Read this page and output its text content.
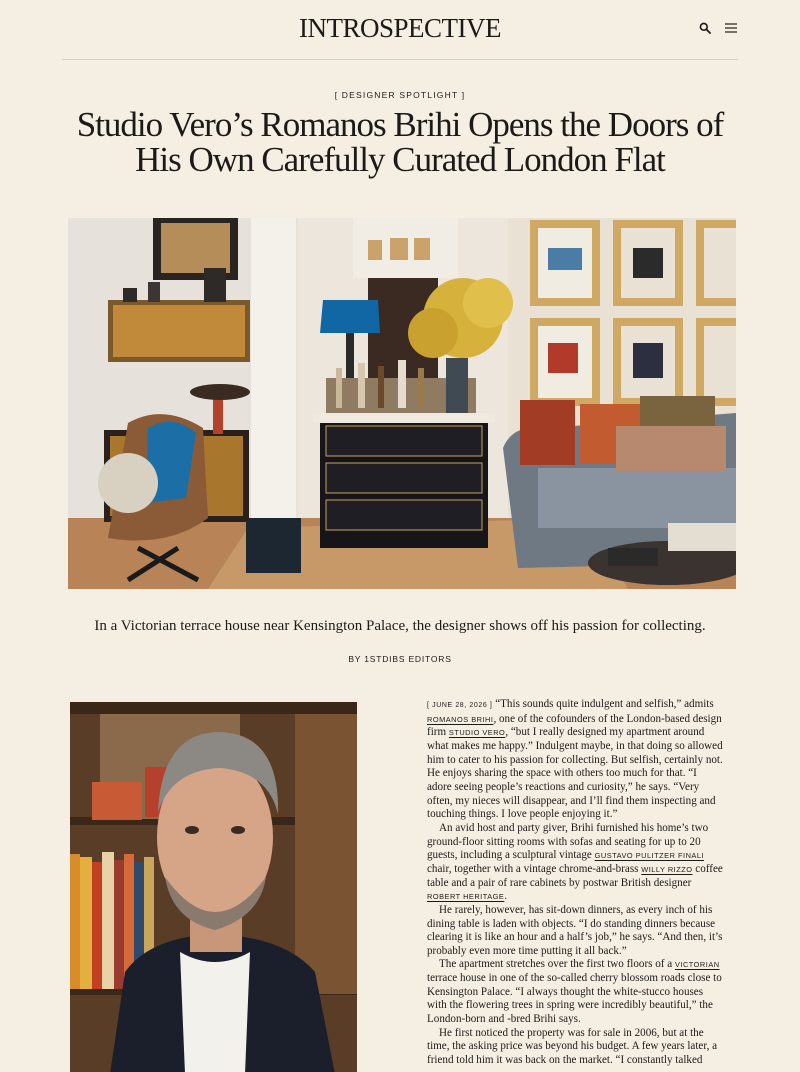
INTROSPECTIVE
[ DESIGNER SPOTLIGHT ]
Studio Vero’s Romanos Brihi Opens the Doors of His Own Carefully Curated London Flat

In a Victorian terrace house near Kensington Palace, the designer shows off his passion for collecting.

BY 1STDIBS EDITORS

[ JUNE 28, 2026 ] “This sounds quite indulgent and selfish,” admits
ROMANOS BRIHI, one of the cofounders of the London-based design firm STUDIO VERO, “but I really designed my apartment around what makes me happy.” Indulgent maybe, in that doing so allowed him to cater to his passion for collecting. But selfish, certainly not. He enjoys sharing the space with others too much for that. “I adore seeing people’s reactions and curiosity,” he says. “Very often, my nieces will disappear, and I’ll find them inspecting and touching things. I love people enjoying it.”

An avid host and party giver, Brihi furnished his home’s two ground-floor sitting rooms with sofas and seating for up to 20 guests, including a sculptural vintage GUSTAVO PULITZER FINALI chair, together with a vintage chrome-and-brass WILLY RIZZO coffee table and a pair of rare cabinets by postwar British designer ROBERT HERITAGE.

He rarely, however, has sit-down dinners, as every inch of his dining table is laden with objects. “I do standing dinners because clearing it is like an hour and a half’s job,” he says. “And then, it’s probably even more time putting it all back.”

The apartment stretches over the first two floors of a VICTORIAN terrace house in one of the so-called cherry blossom roads close to Kensington Palace. “I always thought the white-stucco houses with the flowering trees in spring were incredibly beautiful,” the London-born and -bred Brihi says.

He first noticed the property was for sale in 2006, but at the time, the asking price was beyond his budget. A few years later, a friend told him it was back on the market. “I constantly talked
